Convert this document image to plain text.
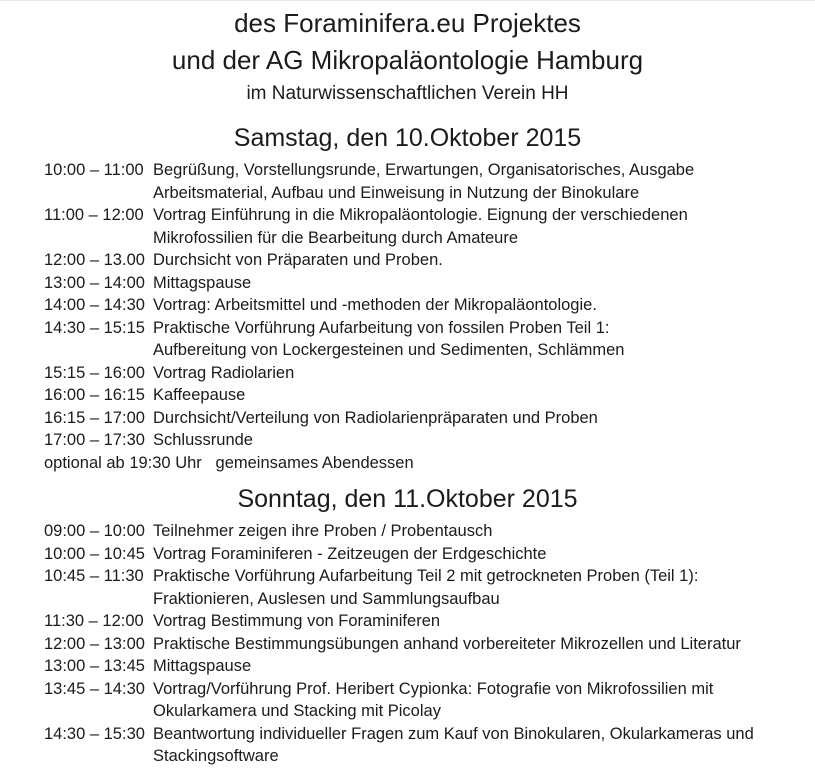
des Foraminifera.eu Projektes
und der AG Mikropaläontologie Hamburg
im Naturwissenschaftlichen Verein HH
Samstag, den 10.Oktober 2015
10:00 – 11:00 Begrüßung, Vorstellungsrunde, Erwartungen, Organisatorisches, Ausgabe
Arbeitsmaterial, Aufbau und Einweisung in Nutzung der Binokulare
11:00 – 12:00 Vortrag Einführung in die Mikropaläontologie. Eignung der verschiedenen
Mikrofossilien für die Bearbeitung durch Amateure
12:00 – 13.00 Durchsicht von Präparaten und Proben.
13:00 – 14:00 Mittagspause
14:00 – 14:30 Vortrag: Arbeitsmittel und -methoden der Mikropaläontologie.
14:30 – 15:15 Praktische Vorführung Aufarbeitung von fossilen Proben Teil 1:
Aufbereitung von Lockergesteinen und Sedimenten, Schlämmen
15:15 – 16:00 Vortrag Radiolarien
16:00 – 16:15 Kaffeepause
16:15 – 17:00 Durchsicht/Verteilung von Radiolarienpräparaten und Proben
17:00 – 17:30 Schlussrunde
optional ab 19:30 Uhr   gemeinsames Abendessen
Sonntag, den 11.Oktober 2015
09:00 – 10:00 Teilnehmer zeigen ihre Proben / Probentausch
10:00 – 10:45 Vortrag Foraminiferen - Zeitzeugen der Erdgeschichte
10:45 – 11:30 Praktische Vorführung Aufarbeitung Teil 2 mit getrockneten Proben (Teil 1):
Fraktionieren, Auslesen und Sammlungsaufbau
11:30 – 12:00 Vortrag Bestimmung von Foraminiferen
12:00 – 13:00 Praktische Bestimmungsübungen anhand vorbereiteter Mikrozellen und Literatur
13:00 – 13:45 Mittagspause
13:45 – 14:30 Vortrag/Vorführung Prof. Heribert Cypionka: Fotografie von Mikrofossilien mit
Okularkamera und Stacking mit Picolay
14:30 – 15:30 Beantwortung individueller Fragen zum Kauf von Binokularen, Okularkameras und
Stackingsoftware
